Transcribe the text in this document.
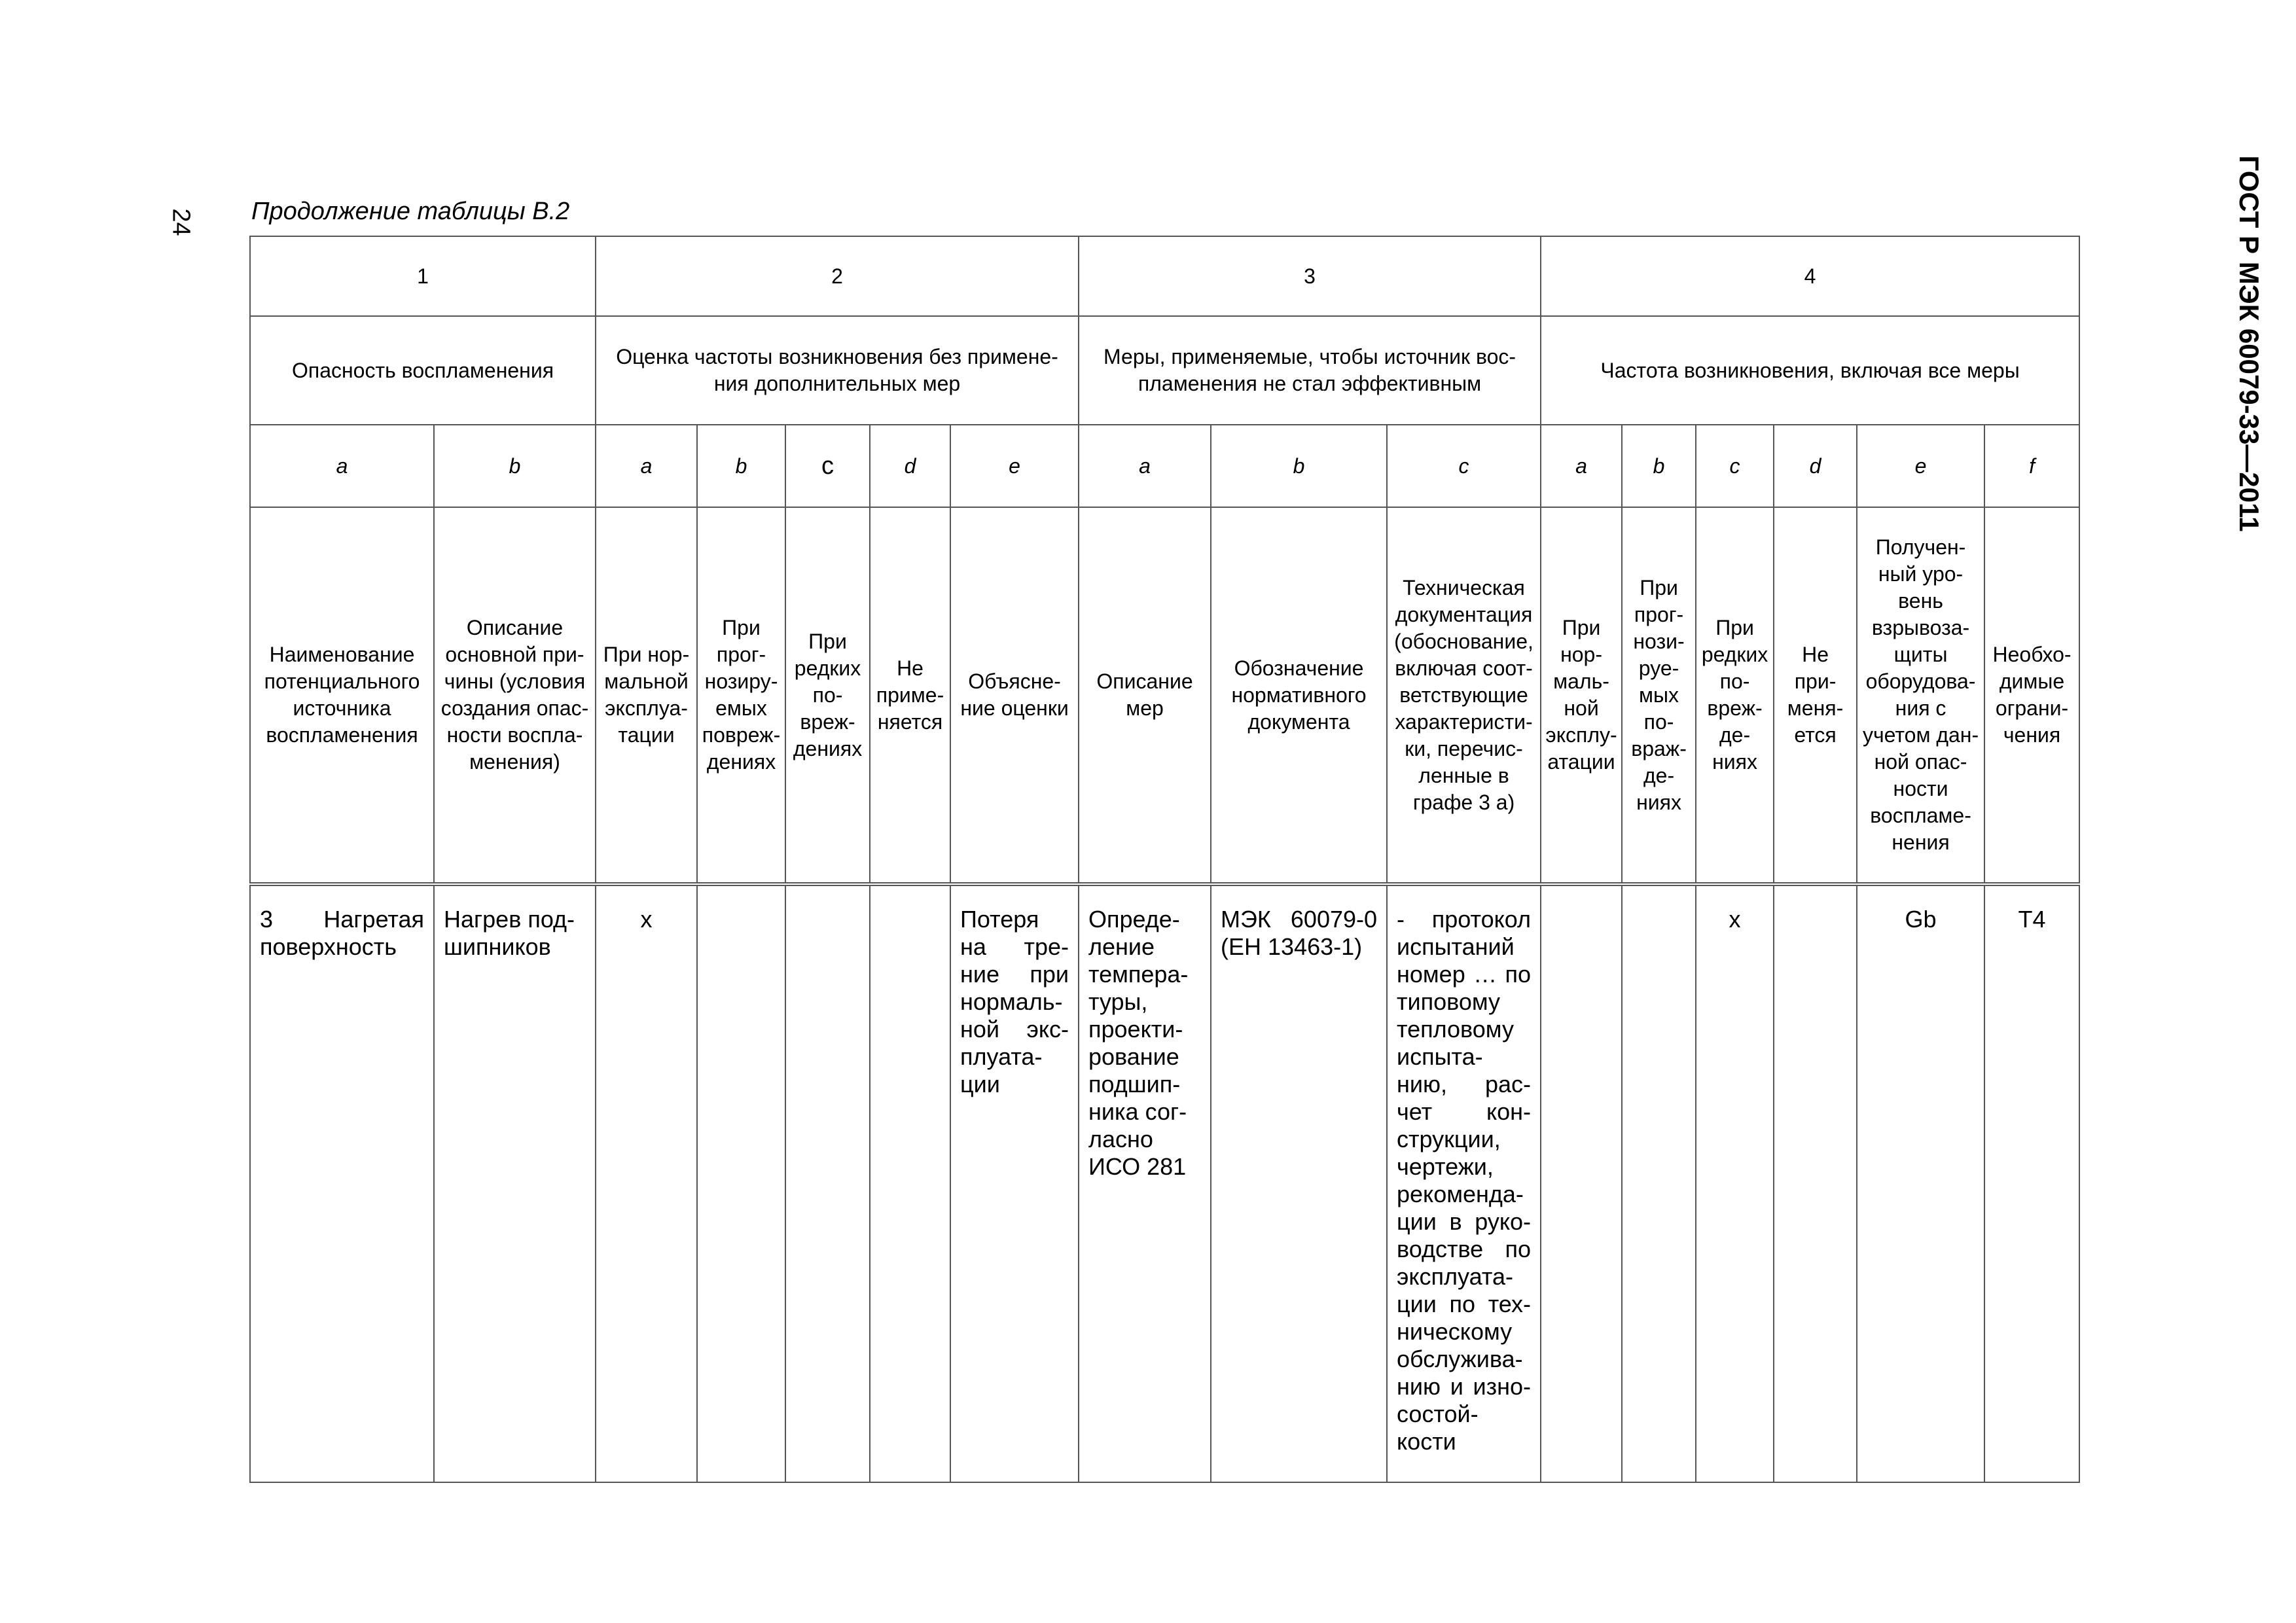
24 Продолжение таблицы В.2	ГОСТ Р МЭК 60079-33—2011
1		2					3			4					
Опасность воспламенения		Оценка частоты возникновения без примене-ния дополнительных мер					Меры, применяемые, чтобы источник вос-пламенения не стал эффективным			Частота возникновения, включая все меры					
a	b	a	b	c	d	e	a	b	c	a	b	c	d	e	f
Наименование потенциального источника воспламенения	Описание основной при-чины (условия создания опас-ности воспла-менения)	При нор-мальной эксплуа-тации	При прог-нозиру-емых повреж-дениях	При редких по-вреж-дениях	Не приме-няется	Объясне-ние оценки	Описание мер	Обозначение нормативного документа	Техническая документация (обоснование, включая соот-ветствующие характеристи-ки, перечис-ленные в графе 3 а)	При нор-маль-ной эксплу-атации	При прог-нози-руе-мых по-враж-де-ниях	При редких по-вреж-де-ниях	Не при-меня-ется	Получен-ный уро-вень взрывоза-щиты оборудова-ния с учетом дан-ной опас-ности воспламе-нения	Необхо-димые ограни-чения
3 Нагретая поверхность	Нагрев под-шипников	x				Потеря на тре-ние при нормаль-ной экс-плуата-ции	Опреде-ление темпера-туры, проекти-рование подшип-ника сог-ласно ИСО 281	МЭК 60079-0 (ЕН 13463-1)	- протокол испытаний номер … по типовому тепловому испыта-нию, рас-чет кон-струкции, чертежи, рекоменда-ции в руко-водстве по эксплуата-ции по тех-ническому обслужива-нию и изно-состой-кости			x		Gb	T4
